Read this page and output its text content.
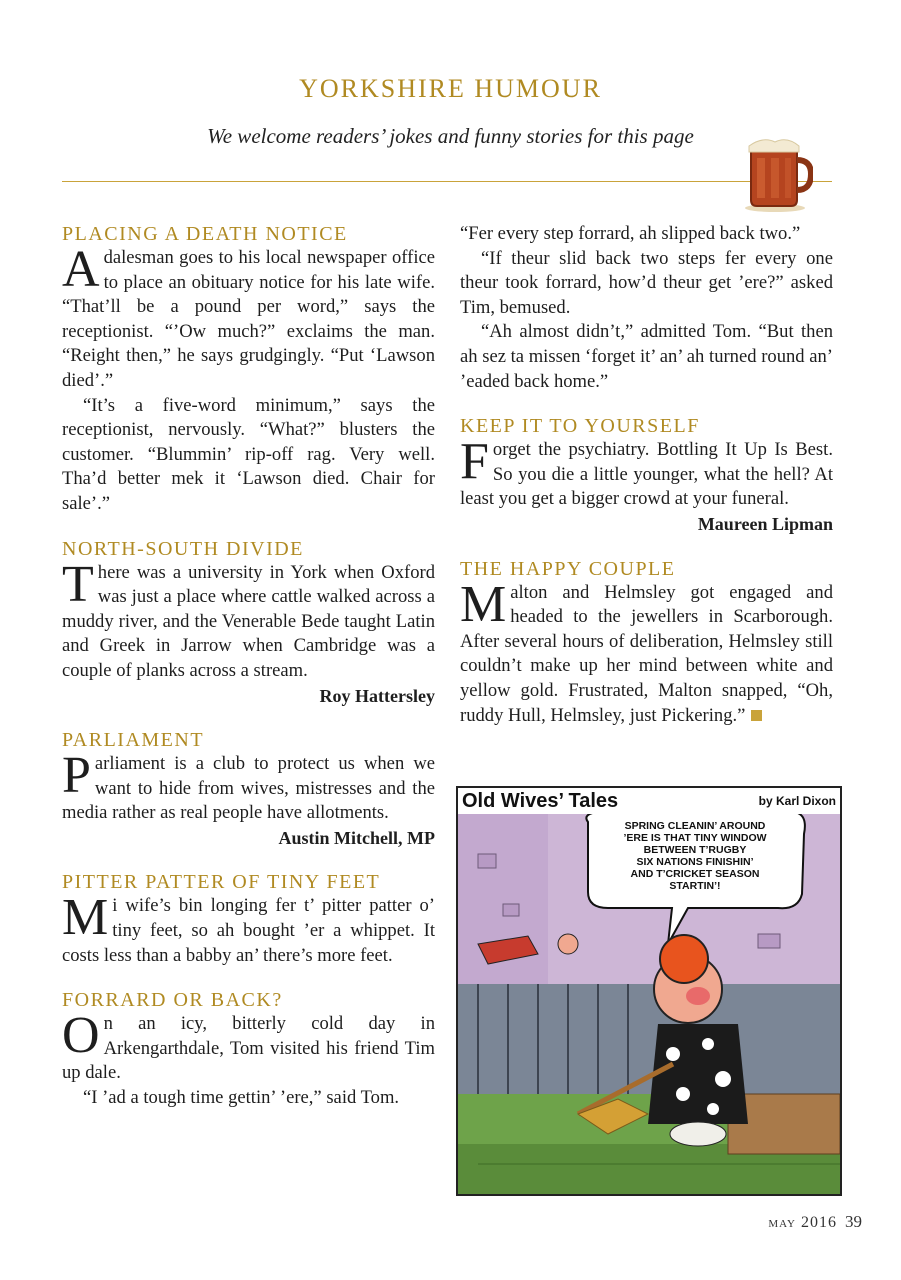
YORKSHIRE HUMOUR
We welcome readers’ jokes and funny stories for this page
PLACING A DEATH NOTICE

Adalesman goes to his local newspaper office to place an obituary notice for his late wife. “That’ll be a pound per word,” says the receptionist. “’Ow much?” exclaims the man. “Reight then,” he says grudgingly. “Put ‘Lawson died’.”

“It’s a five-word minimum,” says the receptionist, nervously. “What?” blusters the customer. “Blummin’ rip-off rag. Very well. Tha’d better mek it ‘Lawson died. Chair for sale’.”

NORTH-SOUTH DIVIDE

There was a university in York when Oxford was just a place where cattle walked across a muddy river, and the Venerable Bede taught Latin and Greek in Jarrow when Cambridge was a couple of planks across a stream.

Roy Hattersley
PARLIAMENT

Parliament is a club to protect us when we want to hide from wives, mistresses and the media rather as real people have allotments.

Austin Mitchell, MP
PITTER PATTER OF TINY FEET

Mi wife’s bin longing fer t’ pitter patter o’ tiny feet, so ah bought ’er a whippet. It costs less than a babby an’ there’s more feet.

FORRARD OR BACK?

On an icy, bitterly cold day in Arkengarthdale, Tom visited his friend Tim up dale.

“I ’ad a tough time gettin’ ’ere,” said Tom.

“Fer every step forrard, ah slipped back two.”

“If theur slid back two steps fer every one theur took forrard, how’d theur get ’ere?” asked Tim, bemused.

“Ah almost didn’t,” admitted Tom. “But then ah sez ta missen ‘forget it’ an’ ah turned round an’ ’eaded back home.”

KEEP IT TO YOURSELF

Forget the psychiatry. Bottling It Up Is Best. So you die a little younger, what the hell? At least you get a bigger crowd at your funeral.

Maureen Lipman
THE HAPPY COUPLE

Malton and Helmsley got engaged and headed to the jewellers in Scarborough. After several hours of deliberation, Helmsley still couldn’t make up her mind between white and yellow gold. Frustrated, Malton snapped, “Oh, ruddy Hull, Helmsley, just Pickering.”

Old Wives’ Tales	by Karl Dixon
SPRING CLEANIN’ AROUND
’ERE IS THAT TINY WINDOW
BETWEEN T’RUGBY
SIX NATIONS FINISHIN’
AND T’CRICKET SEASON
STARTIN’!
may 2016 39
